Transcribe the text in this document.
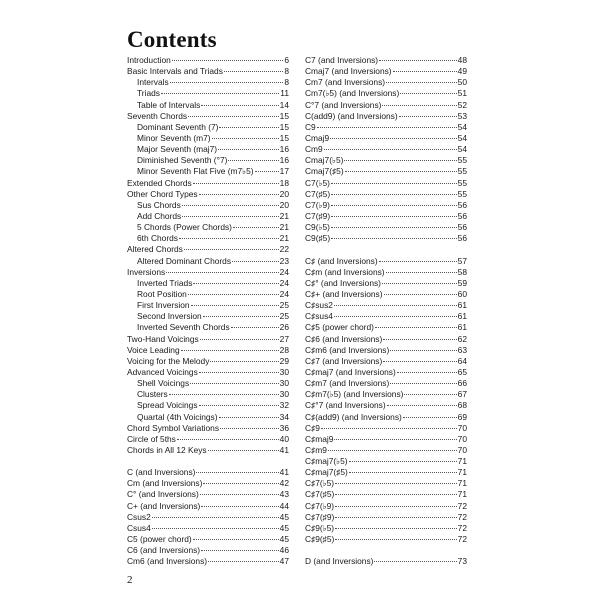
Contents
Introduction	6
Basic Intervals and Triads	8
Intervals	8
Triads	11
Table of Intervals	14
Seventh Chords	15
Dominant Seventh (7)	15
Minor Seventh (m7)	15
Major Seventh (maj7)	16
Diminished Seventh (°7)	16
Minor Seventh Flat Five (m7♭5)	17
Extended Chords	18
Other Chord Types	20
Sus Chords	20
Add Chords	21
5 Chords (Power Chords)	21
6th Chords	21
Altered Chords	22
Altered Dominant Chords	23
Inversions	24
Inverted Triads	24
Root Position	24
First Inversion	25
Second Inversion	25
Inverted Seventh Chords	26
Two-Hand Voicings	27
Voice Leading	28
Voicing for the Melody	29
Advanced Voicings	30
Shell Voicings	30
Clusters	30
Spread Voicings	32
Quartal (4th Voicings)	34
Chord Symbol Variations	36
Circle of 5ths	40
Chords in All 12 Keys	41
C (and Inversions)	41
Cm (and Inversions)	42
C° (and Inversions)	43
C+ (and Inversions)	44
Csus2	45
Csus4	45
C5 (power chord)	45
C6 (and Inversions)	46
Cm6 (and Inversions)	47
C7 (and Inversions)	48
Cmaj7 (and Inversions)	49
Cm7 (and Inversions)	50
Cm7(♭5) (and Inversions)	51
C°7 (and Inversions)	52
C(add9) (and Inversions)	53
C9	54
Cmaj9	54
Cm9	54
Cmaj7(♭5)	55
Cmaj7(♯5)	55
C7(♭5)	55
C7(♯5)	55
C7(♭9)	56
C7(♯9)	56
C9(♭5)	56
C9(♯5)	56
C♯ (and Inversions)	57
C♯m (and Inversions)	58
C♯° (and Inversions)	59
C♯+ (and Inversions)	60
C♯sus2	61
C♯sus4	61
C♯5 (power chord)	61
C♯6 (and Inversions)	62
C♯m6 (and Inversions)	63
C♯7 (and Inversions)	64
C♯maj7 (and Inversions)	65
C♯m7 (and Inversions)	66
C♯m7(♭5) (and Inversions)	67
C♯°7 (and Inversions)	68
C♯(add9) (and Inversions)	69
C♯9	70
C♯maj9	70
C♯m9	70
C♯maj7(♭5)	71
C♯maj7(♯5)	71
C♯7(♭5)	71
C♯7(♯5)	71
C♯7(♭9)	72
C♯7(♯9)	72
C♯9(♭5)	72
C♯9(♯5)	72
D (and Inversions)	73
2
